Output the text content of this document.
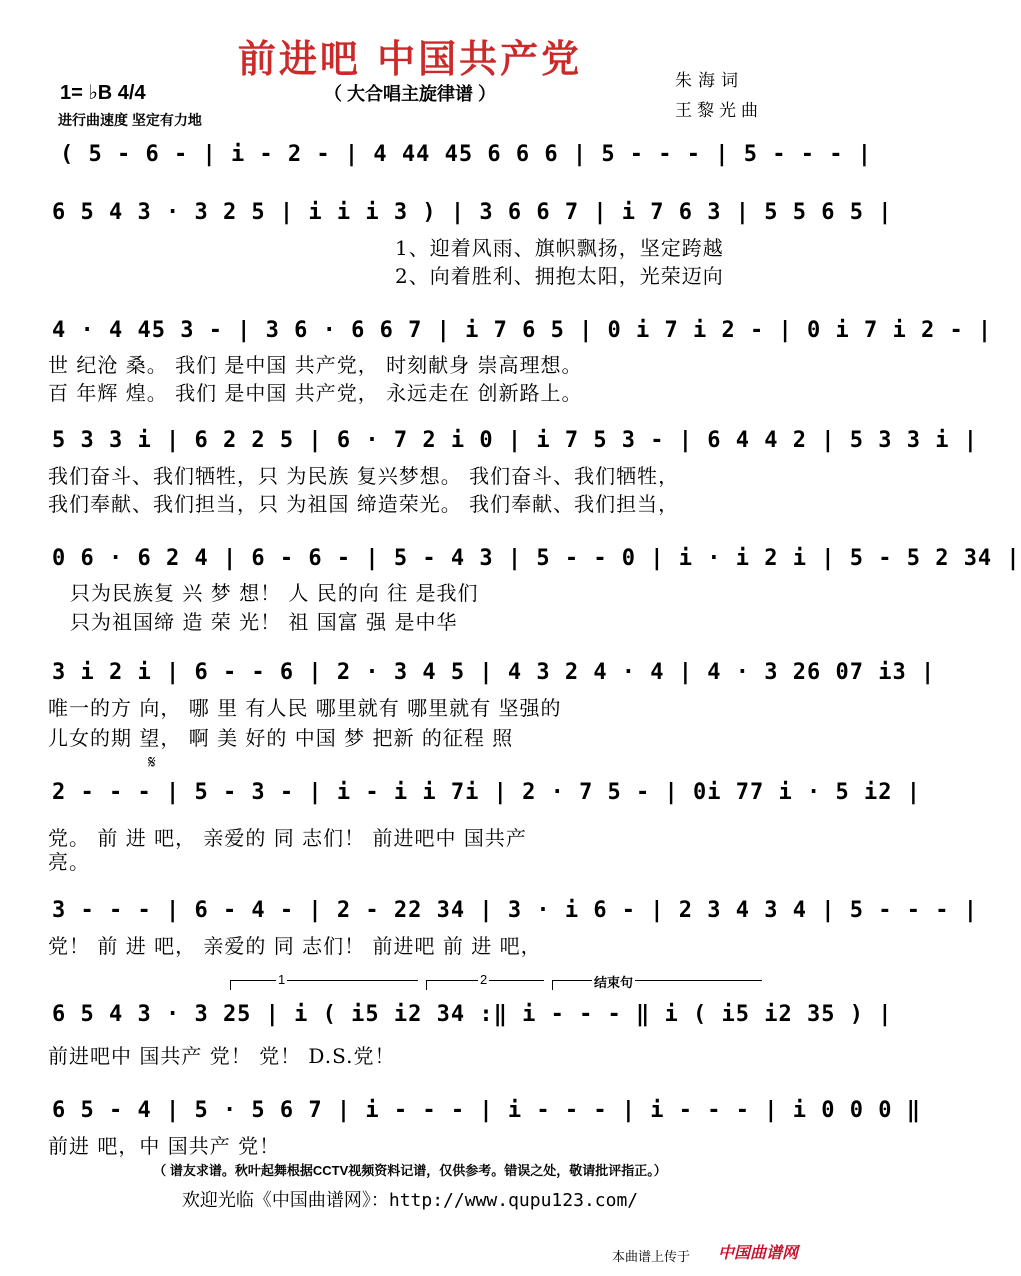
前进吧 中国共产党
（ 大合唱主旋律谱 ）
1= ♭B 4/4
进行曲速度 坚定有力地
朱海词
王黎光曲
( 5 - 6 - | i - 2 - | 4 44 45 6 6 6 | 5 - - - | 5 - - - |
6 5 4 3 · 3 2 5 | i i i 3 ) | 3 6 6 7 | i 7 6 3 | 5 5 6 5 |
1、迎着风雨、旗帜飘扬，坚定跨越
2、向着胜利、拥抱太阳，光荣迈向
4 · 4 45 3 - | 3 6 · 6 6 7 | i 7 6 5 | 0 i 7 i 2 - | 0 i 7 i 2 - |
世 纪沧 桑。 我们 是中国 共产党， 时刻献身 崇高理想。
百 年辉 煌。 我们 是中国 共产党， 永远走在 创新路上。
5 3 3 i | 6 2 2 5 | 6 · 7 2 i 0 | i 7 5 3 - | 6 4 4 2 | 5 3 3 i |
我们奋斗、我们牺牲，只 为民族 复兴梦想。 我们奋斗、我们牺牲，
我们奉献、我们担当，只 为祖国 缔造荣光。 我们奉献、我们担当，
0 6 · 6 2 4 | 6 - 6 - | 5 - 4 3 | 5 - - 0 | i · i 2 i | 5 - 5 2 34 |
只为民族复 兴 梦 想！ 人 民的向 往 是我们
只为祖国缔 造 荣 光！ 祖 国富 强 是中华
3 i 2 i | 6 - - 6 | 2 · 3 4 5 | 4 3 2 4 · 4 | 4 · 3 26 07 i3 |
唯一的方 向， 哪 里 有人民 哪里就有 哪里就有 坚强的
儿女的期 望， 啊 美 好的 中国 梦 把新 的征程 照
𝄋
2 - - - | 5 - 3 - | i - i i 7i | 2 · 7 5 - | 0i 77 i · 5 i2 |
党。 前 进 吧， 亲爱的 同 志们！ 前进吧中 国共产
亮。
3 - - - | 6 - 4 - | 2 - 22 34 | 3 · i 6 - | 2 3 4 3 4 | 5 - - - |
党！ 前 进 吧， 亲爱的 同 志们！ 前进吧 前 进 吧，
1	2	结束句
6 5 4 3 · 3 25 | i ( i5 i2 34 :‖ i - - - ‖ i ( i5 i2 35 ) |
前进吧中 国共产 党！ 党！ D.S.党！
6 5 - 4 | 5 · 5 6 7 | i - - - | i - - - | i - - - | i 0 0 0 ‖
前进 吧，中 国共产 党！
（ 谱友求谱。秋叶起舞根据CCTV视频资料记谱，仅供参考。错误之处，敬请批评指正。）
欢迎光临《中国曲谱网》：http://www.qupu123.com/
本曲谱上传于 中国曲谱网
